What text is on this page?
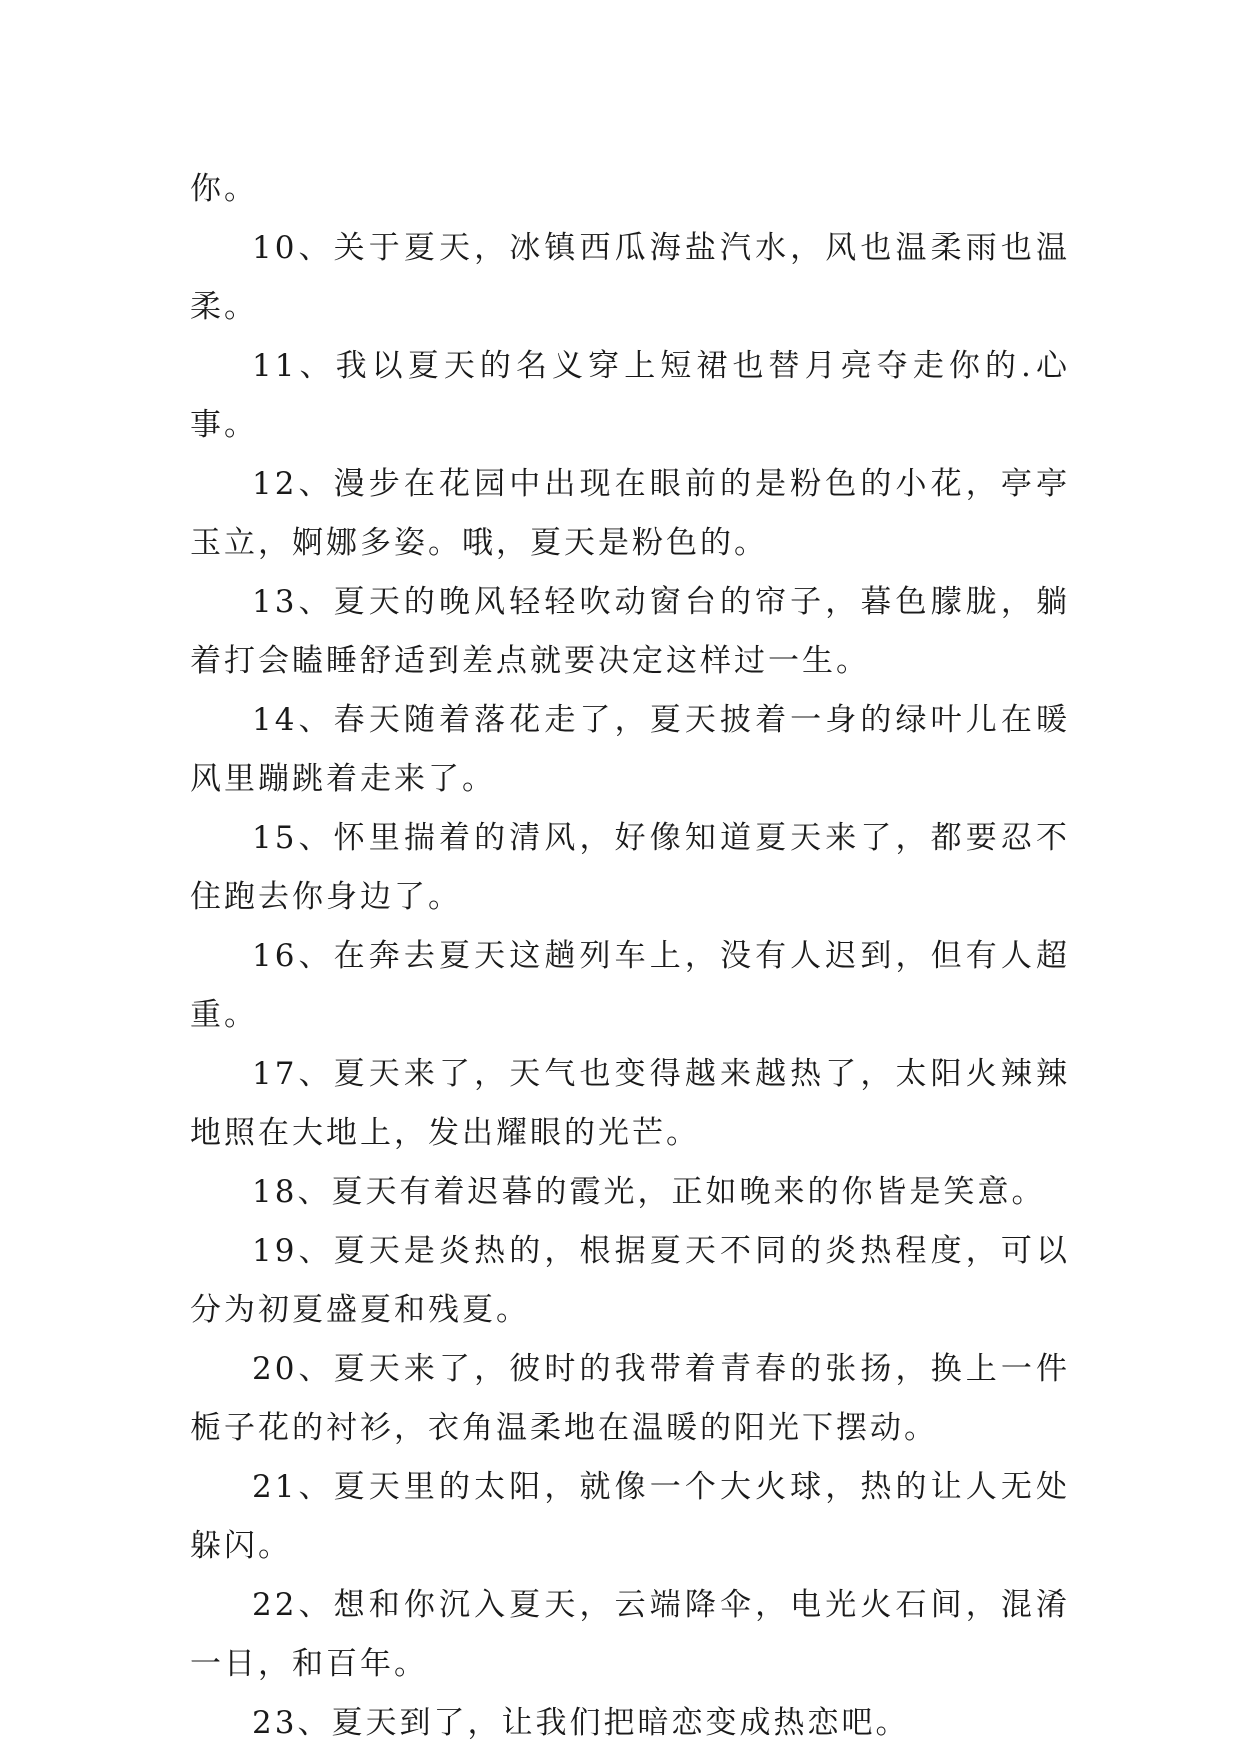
你。

10、关于夏天，冰镇西瓜海盐汽水，风也温柔雨也温柔。

11、我以夏天的名义穿上短裙也替月亮夺走你的.心事。

12、漫步在花园中出现在眼前的是粉色的小花，亭亭玉立，婀娜多姿。哦，夏天是粉色的。

13、夏天的晚风轻轻吹动窗台的帘子，暮色朦胧，躺着打会瞌睡舒适到差点就要决定这样过一生。

14、春天随着落花走了，夏天披着一身的绿叶儿在暖风里蹦跳着走来了。

15、怀里揣着的清风，好像知道夏天来了，都要忍不住跑去你身边了。

16、在奔去夏天这趟列车上，没有人迟到，但有人超重。

17、夏天来了，天气也变得越来越热了，太阳火辣辣地照在大地上，发出耀眼的光芒。

18、夏天有着迟暮的霞光，正如晚来的你皆是笑意。

19、夏天是炎热的，根据夏天不同的炎热程度，可以分为初夏盛夏和残夏。

20、夏天来了，彼时的我带着青春的张扬，换上一件栀子花的衬衫，衣角温柔地在温暖的阳光下摆动。

21、夏天里的太阳，就像一个大火球，热的让人无处躲闪。

22、想和你沉入夏天，云端降伞，电光火石间，混淆一日，和百年。

23、夏天到了，让我们把暗恋变成热恋吧。
